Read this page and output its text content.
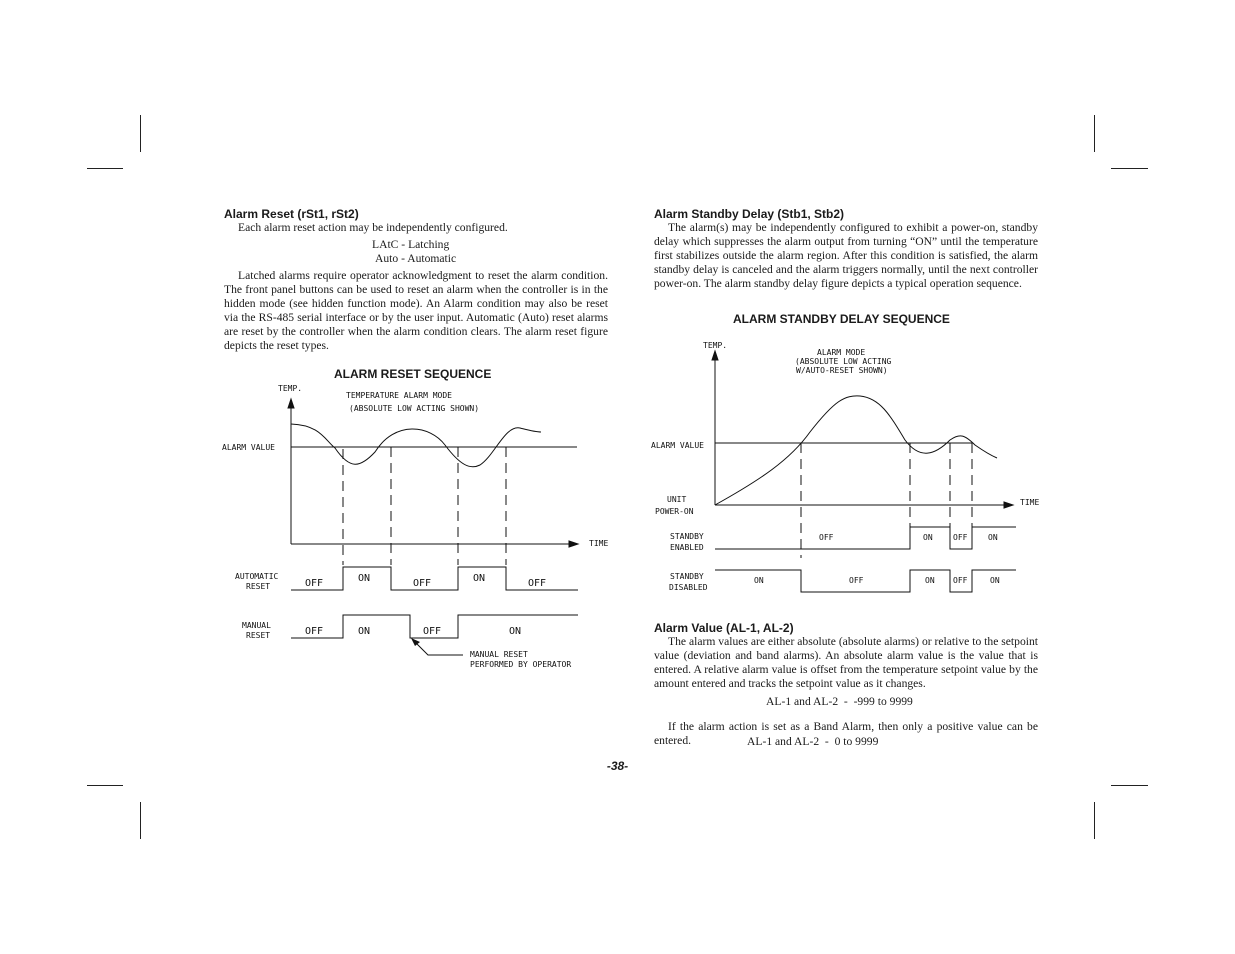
Alarm Reset (rSt1, rSt2)
Each alarm reset action may be independently configured.
LAtC - Latching
Auto - Automatic

Latched alarms require operator acknowledgment to reset the alarm condition. The front panel buttons can be used to reset an alarm when the controller is in the hidden mode (see hidden function mode). An Alarm condition may also be reset via the RS-485 serial interface or by the user input. Automatic (Auto) reset alarms are reset by the controller when the alarm condition clears. The alarm reset figure depicts the reset types.

ALARM RESET SEQUENCE
TEMP.
TEMPERATURE ALARM MODE
(ABSOLUTE LOW ACTING SHOWN)
ALARM VALUE
TIME
AUTOMATIC
RESET
MANUAL
RESET
OFF	ON	OFF	ON	OFF
OFF	ON	OFF	ON
MANUAL RESET
PERFORMED BY OPERATOR
Alarm Standby Delay (Stb1, Stb2)

The alarm(s) may be independently configured to exhibit a power-on, standby delay which suppresses the alarm output from turning “ON” until the temperature first stabilizes outside the alarm region. After this condition is satisfied, the alarm standby delay is canceled and the alarm triggers normally, until the next controller power-on. The alarm standby delay figure depicts a typical operation sequence.

ALARM STANDBY DELAY SEQUENCE
TEMP.
ALARM MODE
(ABSOLUTE LOW ACTING
W/AUTO-RESET SHOWN)
ALARM VALUE
UNIT
POWER-ON
TIME
STANDBY
ENABLED
STANDBY
DISABLED
OFF	ON	OFF	ON
ON	OFF	ON OFF	ON
Alarm Value (AL-1, AL-2)

The alarm values are either absolute (absolute alarms) or relative to the setpoint value (deviation and band alarms). An absolute alarm value is the value that is entered. A relative alarm value is offset from the temperature setpoint value by the amount entered and tracks the setpoint value as it changes.

AL-1 and AL-2  -  -999 to 9999

If the alarm action is set as a Band Alarm, then only a positive value can be entered.	AL-1 and AL-2  -  0 to 9999
-38-
